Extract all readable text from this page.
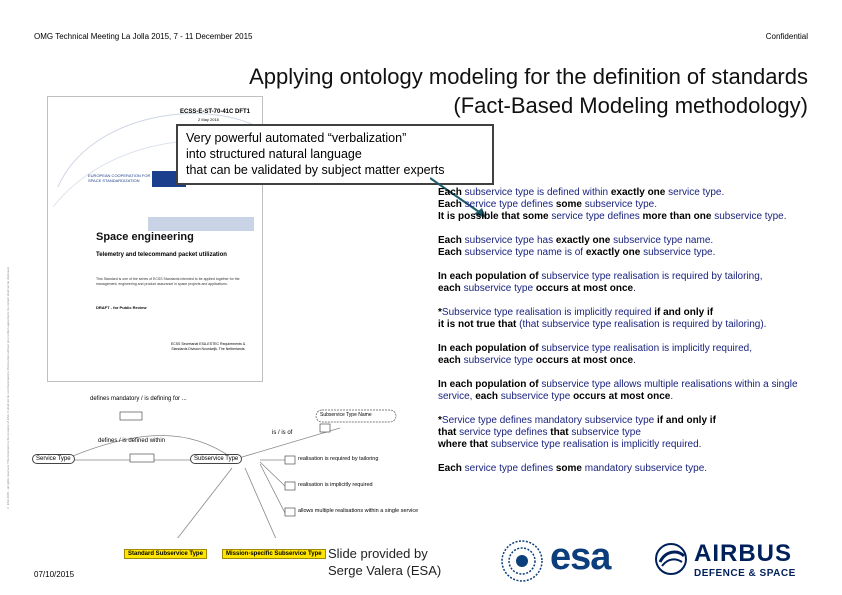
OMG Technical Meeting La Jolla 2015, 7 - 11 December 2015	Confidential
© ESA 2015 - all rights reserved. This document is the property of ESA. It shall not be communicated to third parties without prior written agreement. Its content shall not be disclosed.
Applying ontology modeling for the definition of standards
(Fact-Based Modeling methodology)
ECSS-E-ST-70-41C DFT1
2 May 2015
EUROPEAN COOPERATION FOR SPACE STANDARDIZATION
Space engineering
Telemetry and telecommand packet utilization
This Standard is one of the series of ECSS Standards intended to be applied together for the management, engineering and product assurance in space projects and applications.
DRAFT - for Public Review
ECSS Secretariat ESA-ESTEC Requirements & Standards Division Noordwijk, The Netherlands
Very powerful automated “verbalization”
into structured natural language
that can be validated by subject matter experts

Each subservice type is defined within exactly one service type.

Each service type defines some subservice type.

It is possible that some service type defines more than one subservice type.

Each subservice type has exactly one subservice type name.

Each subservice type name is of exactly one subservice type.

In each population of subservice type realisation is required by tailoring,

each subservice type occurs at most once.

*Subservice type realisation is implicitly required if and only if

it is not true that (that subservice type realisation is required by tailoring).

In each population of subservice type realisation is implicitly required,

each subservice type occurs at most once.

In each population of subservice type allows multiple realisations within a single service, each subservice type occurs at most once.

*Service type defines mandatory subservice type if and only if

that service type defines that subservice type

where that subservice type realisation is implicitly required.

Each service type defines some mandatory subservice type.

Service Type	Subservice Type
Subservice Type Name
defines mandatory / is defining for ...
defines / is defined within
is / is of
realisation is required by tailoring
realisation is implicitly required
allows multiple realisations within a single service
Standard Subservice Type	Mission-specific Subservice Type Slide provided by
Serge Valera (ESA)
07/10/2015	esa	AIRBUS
DEFENCE & SPACE
